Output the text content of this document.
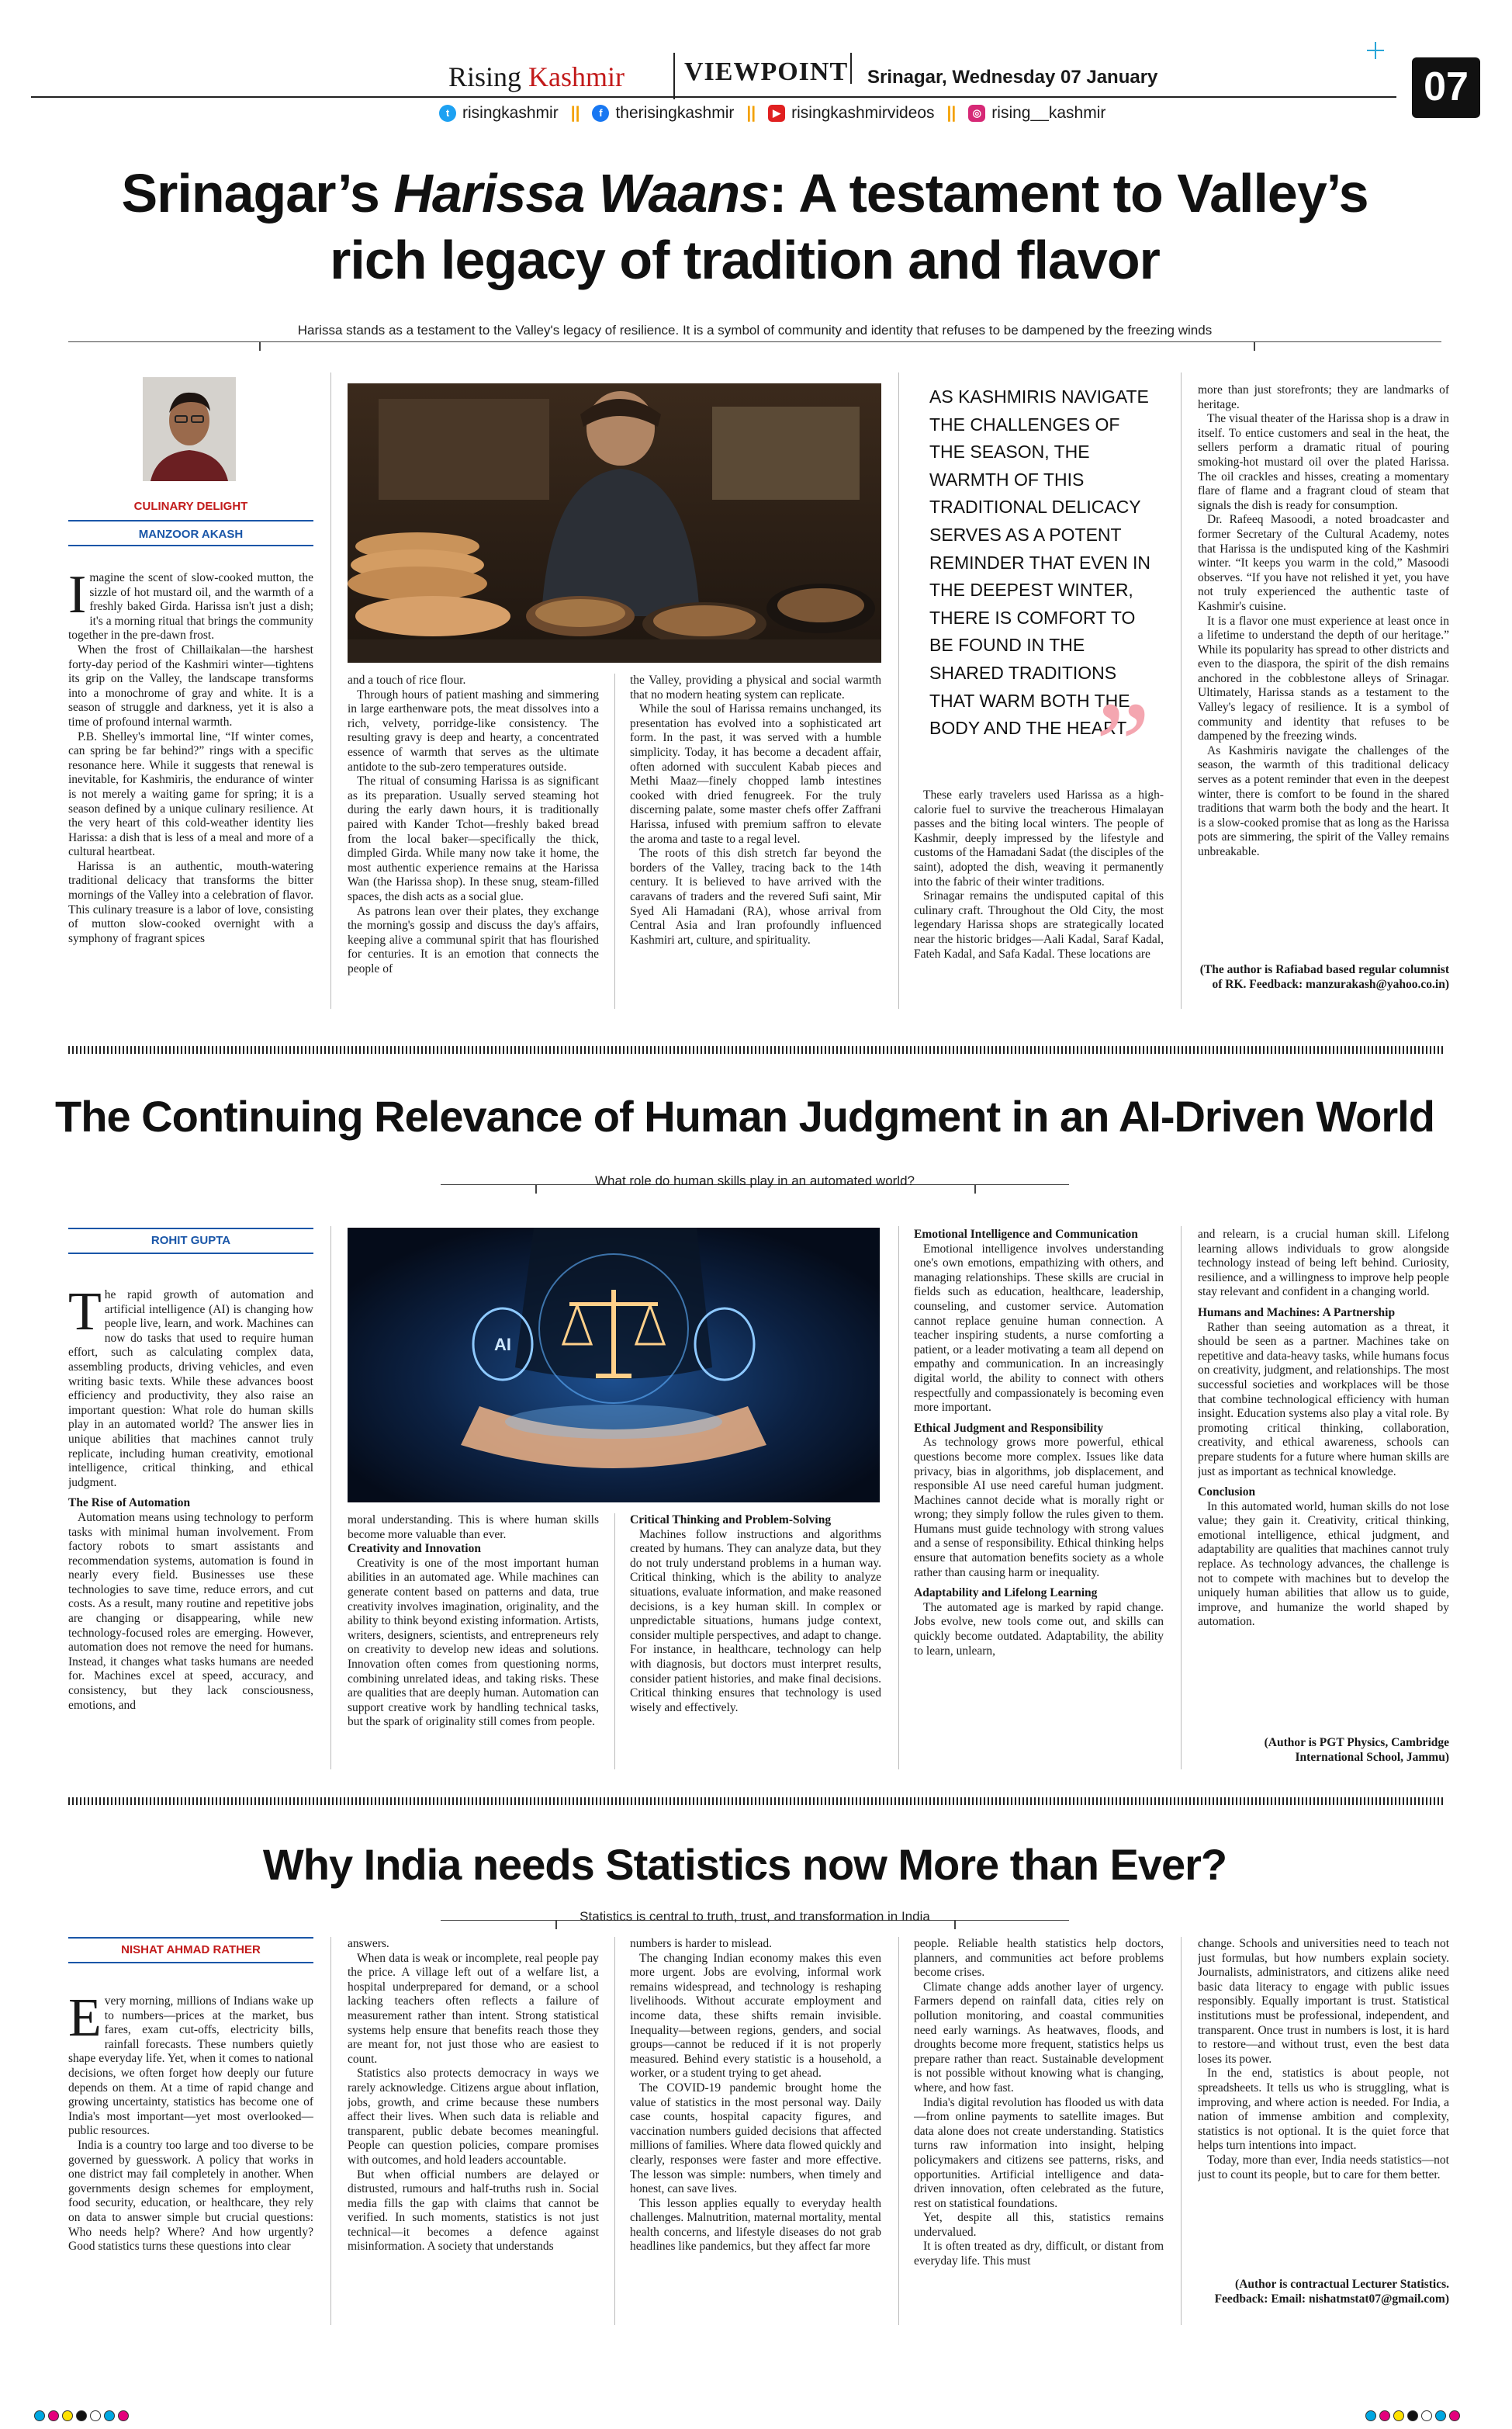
Rising Kashmir VIEWPOINT Srinagar, Wednesday 07 January	07
t risingkashmir ||	f therisingkashmir ||	▶ risingkashmirvideos ||	◎ rising__kashmir
Srinagar’s Harissa Waans: A testament to Valley’s
rich legacy of tradition and flavor
Harissa stands as a testament to the Valley's legacy of resilience. It is a symbol of community and identity that refuses to be dampened by the freezing winds
CULINARY DELIGHT
MANZOOR AKASH

Imagine the scent of slow-cooked mutton, the sizzle of hot mustard oil, and the warmth of a freshly baked Girda. Harissa isn't just a dish; it's a morning ritual that brings the community together in the pre-dawn frost.

When the frost of Chillaikalan—the harshest forty-day period of the Kashmiri winter—tightens its grip on the Valley, the landscape transforms into a monochrome of gray and white. It is a season of struggle and darkness, yet it is also a time of profound internal warmth.

P.B. Shelley's immortal line, “If winter comes, can spring be far behind?” rings with a specific resonance here. While it suggests that renewal is inevitable, for Kashmiris, the endurance of winter is not merely a waiting game for spring; it is a season defined by a unique culinary resilience. At the very heart of this cold-weather identity lies Harissa: a dish that is less of a meal and more of a cultural heartbeat.

Harissa is an authentic, mouth-watering traditional delicacy that transforms the bitter mornings of the Valley into a celebration of flavor. This culinary treasure is a labor of love, consisting of mutton slow-cooked overnight with a symphony of fragrant spices

and a touch of rice flour.

Through hours of patient mashing and simmering in large earthenware pots, the meat dissolves into a rich, velvety, porridge-like consistency. The resulting gravy is deep and hearty, a concentrated essence of warmth that serves as the ultimate antidote to the sub-zero temperatures outside.

The ritual of consuming Harissa is as significant as its preparation. Usually served steaming hot during the early dawn hours, it is traditionally paired with Kander Tchot—freshly baked bread from the local baker—specifically the thick, dimpled Girda. While many now take it home, the most authentic experience remains at the Harissa Wan (the Harissa shop). In these snug, steam-filled spaces, the dish acts as a social glue.

As patrons lean over their plates, they exchange the morning's gossip and discuss the day's affairs, keeping alive a communal spirit that has flourished for centuries. It is an emotion that connects the people of

the Valley, providing a physical and social warmth that no modern heating system can replicate.

While the soul of Harissa remains unchanged, its presentation has evolved into a sophisticated art form. In the past, it was served with a humble simplicity. Today, it has become a decadent affair, often adorned with succulent Kabab pieces and Methi Maaz—finely chopped lamb intestines cooked with dried fenugreek. For the truly discerning palate, some master chefs offer Zaffrani Harissa, infused with premium saffron to elevate the aroma and taste to a regal level.

The roots of this dish stretch far beyond the borders of the Valley, tracing back to the 14th century. It is believed to have arrived with the caravans of traders and the revered Sufi saint, Mir Syed Ali Hamadani (RA), whose arrival from Central Asia and Iran profoundly influenced Kashmiri art, culture, and spirituality.

AS KASHMIRIS NAVIGATE THE CHALLENGES OF THE SEASON, THE WARMTH OF THIS TRADITIONAL DELICACY SERVES AS A POTENT REMINDER THAT EVEN IN THE DEEPEST WINTER, THERE IS COMFORT TO BE FOUND IN THE SHARED TRADITIONS THAT WARM BOTH THE BODY AND THE HEART
”

These early travelers used Harissa as a high-calorie fuel to survive the treacherous Himalayan passes and the biting local winters. The people of Kashmir, deeply impressed by the lifestyle and customs of the Hamadani Sadat (the disciples of the saint), adopted the dish, weaving it permanently into the fabric of their winter traditions.

Srinagar remains the undisputed capital of this culinary craft. Throughout the Old City, the most legendary Harissa shops are strategically located near the historic bridges—Aali Kadal, Saraf Kadal, Fateh Kadal, and Safa Kadal. These locations are

more than just storefronts; they are landmarks of heritage.

The visual theater of the Harissa shop is a draw in itself. To entice customers and seal in the heat, the sellers perform a dramatic ritual of pouring smoking-hot mustard oil over the plated Harissa. The oil crackles and hisses, creating a momentary flare of flame and a fragrant cloud of steam that signals the dish is ready for consumption.

Dr. Rafeeq Masoodi, a noted broadcaster and former Secretary of the Cultural Academy, notes that Harissa is the undisputed king of the Kashmiri winter. “It keeps you warm in the cold,” Masoodi observes. “If you have not relished it yet, you have not truly experienced the authentic taste of Kashmir's cuisine.

It is a flavor one must experience at least once in a lifetime to understand the depth of our heritage.” While its popularity has spread to other districts and even to the diaspora, the spirit of the dish remains anchored in the cobblestone alleys of Srinagar. Ultimately, Harissa stands as a testament to the Valley's legacy of resilience. It is a symbol of community and identity that refuses to be dampened by the freezing winds.

As Kashmiris navigate the challenges of the season, the warmth of this traditional delicacy serves as a potent reminder that even in the deepest winter, there is comfort to be found in the shared traditions that warm both the body and the heart. It is a slow-cooked promise that as long as the Harissa pots are simmering, the spirit of the Valley remains unbreakable.

(The author is Rafiabad based regular columnist of RK. Feedback: manzurakash@yahoo.co.in)
The Continuing Relevance of Human Judgment in an AI-Driven World
What role do human skills play in an automated world?
ROHIT GUPTA
AI

The rapid growth of automation and artificial intelligence (AI) is changing how people live, learn, and work. Machines can now do tasks that used to require human effort, such as calculating complex data, assembling products, driving vehicles, and even writing basic texts. While these advances boost efficiency and productivity, they also raise an important question: What role do human skills play in an automated world? The answer lies in unique abilities that machines cannot truly replicate, including human creativity, emotional intelligence, critical thinking, and ethical judgment.

The Rise of Automation

Automation means using technology to perform tasks with minimal human involvement. From factory robots to smart assistants and recommendation systems, automation is found in nearly every field. Businesses use these technologies to save time, reduce errors, and cut costs. As a result, many routine and repetitive jobs are changing or disappearing, while new technology-focused roles are emerging. However, automation does not remove the need for humans. Instead, it changes what tasks humans are needed for. Machines excel at speed, accuracy, and consistency, but they lack consciousness, emotions, and

moral understanding. This is where human skills become more valuable than ever.

Creativity and Innovation

Creativity is one of the most important human abilities in an automated age. While machines can generate content based on patterns and data, true creativity involves imagination, originality, and the ability to think beyond existing information. Artists, writers, designers, scientists, and entrepreneurs rely on creativity to develop new ideas and solutions. Innovation often comes from questioning norms, combining unrelated ideas, and taking risks. These are qualities that are deeply human. Automation can support creative work by handling technical tasks, but the spark of originality still comes from people.

Critical Thinking and Problem-Solving

Machines follow instructions and algorithms created by humans. They can analyze data, but they do not truly understand problems in a human way. Critical thinking, which is the ability to analyze situations, evaluate information, and make reasoned decisions, is a key human skill. In complex or unpredictable situations, humans judge context, consider multiple perspectives, and adapt to change. For instance, in healthcare, technology can help with diagnosis, but doctors must interpret results, consider patient histories, and make final decisions. Critical thinking ensures that technology is used wisely and effectively.

Emotional Intelligence and Communication

Emotional intelligence involves understanding one's own emotions, empathizing with others, and managing relationships. These skills are crucial in fields such as education, healthcare, leadership, counseling, and customer service. Automation cannot replace genuine human connection. A teacher inspiring students, a nurse comforting a patient, or a leader motivating a team all depend on empathy and communication. In an increasingly digital world, the ability to connect with others respectfully and compassionately is becoming even more important.

Ethical Judgment and Responsibility

As technology grows more powerful, ethical questions become more complex. Issues like data privacy, bias in algorithms, job displacement, and responsible AI use need careful human judgment. Machines cannot decide what is morally right or wrong; they simply follow the rules given to them. Humans must guide technology with strong values and a sense of responsibility. Ethical thinking helps ensure that automation benefits society as a whole rather than causing harm or inequality.

Adaptability and Lifelong Learning

The automated age is marked by rapid change. Jobs evolve, new tools come out, and skills can quickly become outdated. Adaptability, the ability to learn, unlearn,

and relearn, is a crucial human skill. Lifelong learning allows individuals to grow alongside technology instead of being left behind. Curiosity, resilience, and a willingness to improve help people stay relevant and confident in a changing world.

Humans and Machines: A Partnership

Rather than seeing automation as a threat, it should be seen as a partner. Machines take on repetitive and data-heavy tasks, while humans focus on creativity, judgment, and relationships. The most successful societies and workplaces will be those that combine technological efficiency with human insight. Education systems also play a vital role. By promoting critical thinking, collaboration, creativity, and ethical awareness, schools can prepare students for a future where human skills are just as important as technical knowledge.

Conclusion

In this automated world, human skills do not lose value; they gain it. Creativity, critical thinking, emotional intelligence, ethical judgment, and adaptability are qualities that machines cannot truly replace. As technology advances, the challenge is not to compete with machines but to develop the uniquely human abilities that allow us to guide, improve, and humanize the world shaped by automation.

(Author is PGT Physics, Cambridge International School, Jammu)
Why India needs Statistics now More than Ever?
Statistics is central to truth, trust, and transformation in India
NISHAT AHMAD RATHER

Every morning, millions of Indians wake up to numbers—prices at the market, bus fares, exam cut-offs, electricity bills, rainfall forecasts. These numbers quietly shape everyday life. Yet, when it comes to national decisions, we often forget how deeply our future depends on them. At a time of rapid change and growing uncertainty, statistics has become one of India's most important—yet most overlooked—public resources.

India is a country too large and too diverse to be governed by guesswork. A policy that works in one district may fail completely in another. When governments design schemes for employment, food security, education, or healthcare, they rely on data to answer simple but crucial questions: Who needs help? Where? And how urgently? Good statistics turns these questions into clear

answers.

When data is weak or incomplete, real people pay the price. A village left out of a welfare list, a hospital underprepared for demand, or a school lacking teachers often reflects a failure of measurement rather than intent. Strong statistical systems help ensure that benefits reach those they are meant for, not just those who are easiest to count.

Statistics also protects democracy in ways we rarely acknowledge. Citizens argue about inflation, jobs, growth, and crime because these numbers affect their lives. When such data is reliable and transparent, public debate becomes meaningful. People can question policies, compare promises with outcomes, and hold leaders accountable.

But when official numbers are delayed or distrusted, rumours and half-truths rush in. Social media fills the gap with claims that cannot be verified. In such moments, statistics is not just technical—it becomes a defence against misinformation. A society that understands

numbers is harder to mislead.

The changing Indian economy makes this even more urgent. Jobs are evolving, informal work remains widespread, and technology is reshaping livelihoods. Without accurate employment and income data, these shifts remain invisible. Inequality—between regions, genders, and social groups—cannot be reduced if it is not properly measured. Behind every statistic is a household, a worker, or a student trying to get ahead.

The COVID-19 pandemic brought home the value of statistics in the most personal way. Daily case counts, hospital capacity figures, and vaccination numbers guided decisions that affected millions of families. Where data flowed quickly and clearly, responses were faster and more effective. The lesson was simple: numbers, when timely and honest, can save lives.

This lesson applies equally to everyday health challenges. Malnutrition, maternal mortality, mental health concerns, and lifestyle diseases do not grab headlines like pandemics, but they affect far more

people. Reliable health statistics help doctors, planners, and communities act before problems become crises.

Climate change adds another layer of urgency. Farmers depend on rainfall data, cities rely on pollution monitoring, and coastal communities need early warnings. As heatwaves, floods, and droughts become more frequent, statistics helps us prepare rather than react. Sustainable development is not possible without knowing what is changing, where, and how fast.

India's digital revolution has flooded us with data—from online payments to satellite images. But data alone does not create understanding. Statistics turns raw information into insight, helping policymakers and citizens see patterns, risks, and opportunities. Artificial intelligence and data-driven innovation, often celebrated as the future, rest on statistical foundations.

Yet, despite all this, statistics remains undervalued.

It is often treated as dry, difficult, or distant from everyday life. This must

change. Schools and universities need to teach not just formulas, but how numbers explain society. Journalists, administrators, and citizens alike need basic data literacy to engage with public issues responsibly. Equally important is trust. Statistical institutions must be professional, independent, and transparent. Once trust in numbers is lost, it is hard to restore—and without trust, even the best data loses its power.

In the end, statistics is about people, not spreadsheets. It tells us who is struggling, what is improving, and where action is needed. For India, a nation of immense ambition and complexity, statistics is not optional. It is the quiet force that helps turn intentions into impact.

Today, more than ever, India needs statistics—not just to count its people, but to care for them better.

(Author is contractual Lecturer Statistics. Feedback: Email: nishatmstat07@gmail.com)
